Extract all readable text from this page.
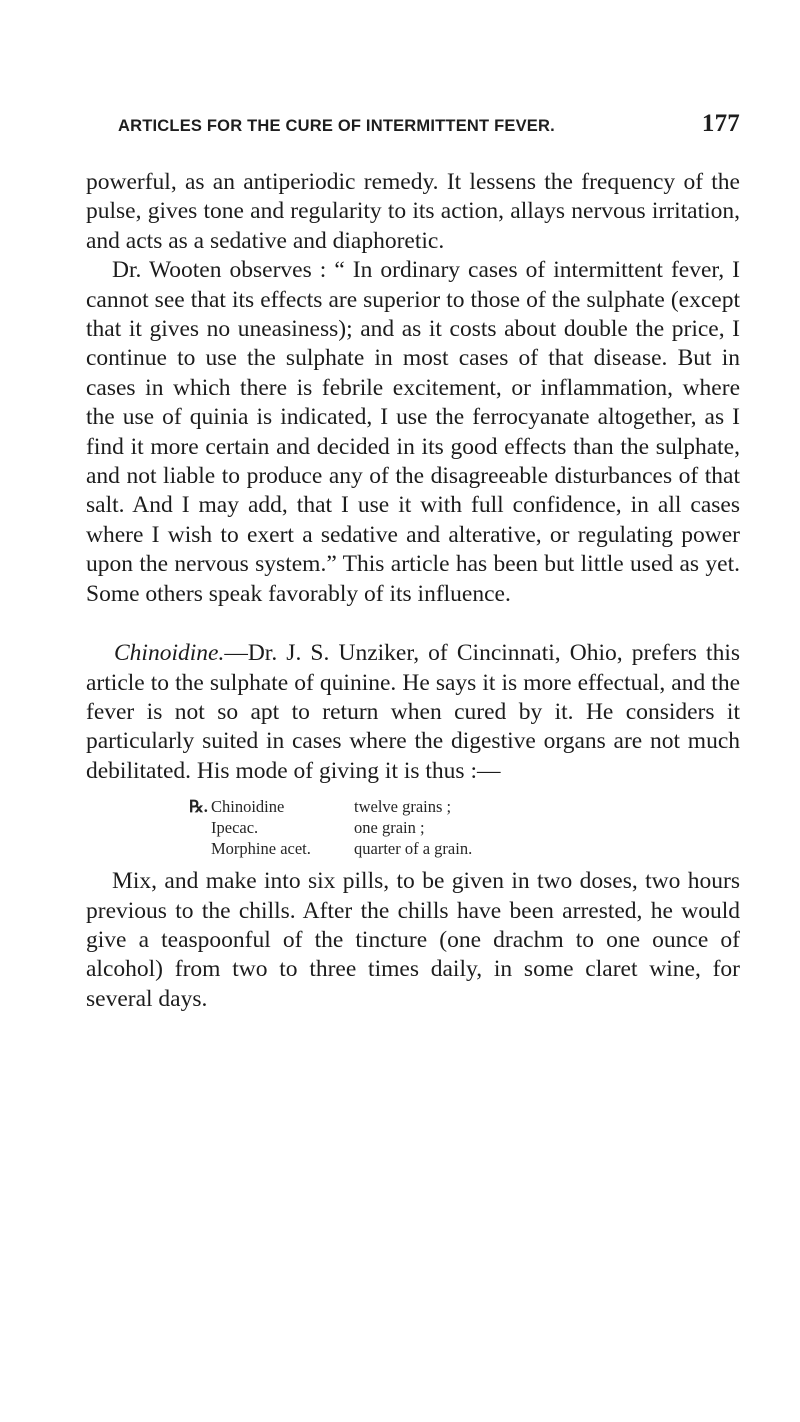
ARTICLES FOR THE CURE OF INTERMITTENT FEVER.	177

powerful, as an antiperiodic remedy. It lessens the frequency of the pulse, gives tone and regularity to its action, allays nervous irritation, and acts as a sedative and diaphoretic.

Dr. Wooten observes : “ In ordinary cases of intermittent fever, I cannot see that its effects are superior to those of the sulphate (except that it gives no uneasiness); and as it costs about double the price, I continue to use the sulphate in most cases of that disease. But in cases in which there is febrile excitement, or inflammation, where the use of quinia is indicated, I use the ferrocyanate altogether, as I find it more certain and decided in its good effects than the sulphate, and not liable to produce any of the disagreeable disturbances of that salt. And I may add, that I use it with full confidence, in all cases where I wish to exert a sedative and alterative, or regulating power upon the nervous system.” This article has been but little used as yet. Some others speak favorably of its influence.

Chinoidine.—Dr. J. S. Unziker, of Cincinnati, Ohio, prefers this article to the sulphate of quinine. He says it is more effectual, and the fever is not so apt to return when cured by it. He considers it particularly suited in cases where the digestive organs are not much debilitated. His mode of giving it is thus :—

℞. Chinoidine	twelve grains ;
Ipecac.	one grain ;
Morphine acet.	quarter of a grain.

Mix, and make into six pills, to be given in two doses, two hours previous to the chills. After the chills have been arrested, he would give a teaspoonful of the tincture (one drachm to one ounce of alcohol) from two to three times daily, in some claret wine, for several days.
